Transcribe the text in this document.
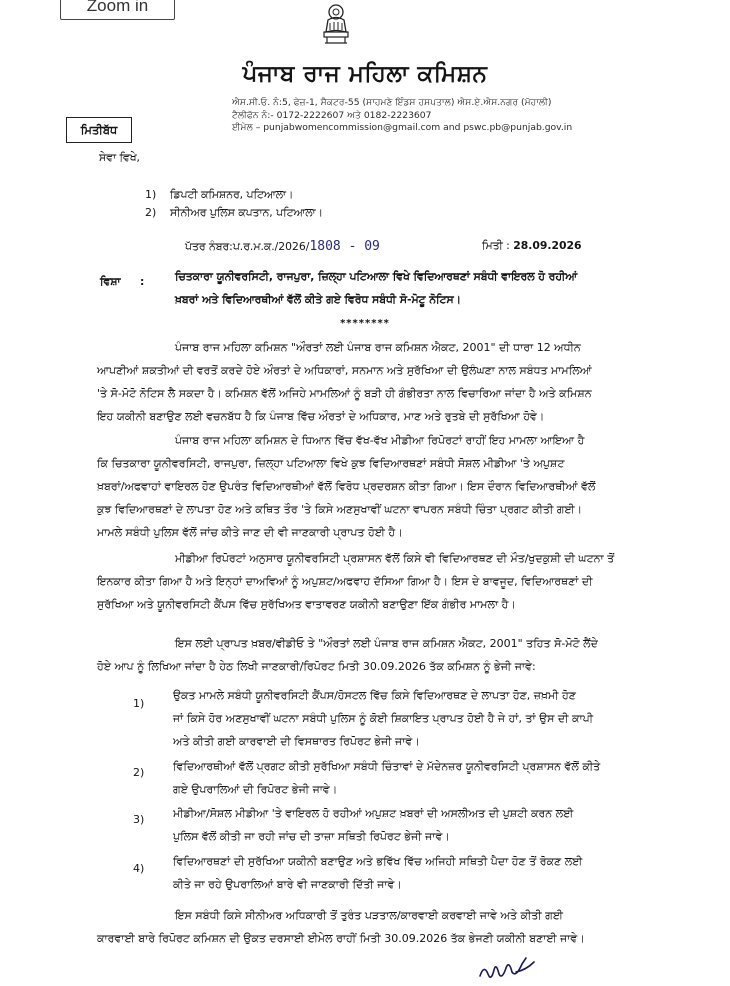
Zoom in
ਪੰਜਾਬ ਰਾਜ ਮਹਿਲਾ ਕਮਿਸ਼ਨ
ਐਸ.ਸੀ.ਓ. ਨੰ:5, ਫੇਜ਼-1, ਸੈਕਟਰ-55 (ਸਾਹਮਣੇ ਇੰਡਸ ਹਸਪਤਾਲ) ਐਸ.ਏ.ਐਸ.ਨਗਰ (ਮੋਹਾਲੀ)
ਟੈਲੀਫੋਨ ਨੰ:- 0172-2222607 ਅਤੇ 0182-2223607
ਈਮੇਲ – punjabwomencommission@gmail.com and pswc.pb@punjab.gov.in
ਮਿਤੀਬੱਧ
ਸੇਵਾ ਵਿਖੇ,
1) ਡਿਪਟੀ ਕਮਿਸ਼ਨਰ, ਪਟਿਆਲਾ।
2) ਸੀਨੀਅਰ ਪੁਲਿਸ ਕਪਤਾਨ, ਪਟਿਆਲਾ।
ਪੱਤਰ ਨੰਬਰ:ਪ.ਰ.ਮ.ਕ./2026/1808 - 09	ਮਿਤੀ : 28.09.2026
ਵਿਸ਼ਾ :	ਚਿਤਕਾਰਾ ਯੂਨੀਵਰਸਿਟੀ, ਰਾਜਪੁਰਾ, ਜ਼ਿਲ੍ਹਾ ਪਟਿਆਲਾ ਵਿਖੇ ਵਿਦਿਆਰਥਣਾਂ ਸਬੰਧੀ ਵਾਇਰਲ ਹੋ ਰਹੀਆਂ
ਖ਼ਬਰਾਂ ਅਤੇ ਵਿਦਿਆਰਥੀਆਂ ਵੱਲੋਂ ਕੀਤੇ ਗਏ ਵਿਰੋਧ ਸਬੰਧੀ ਸੋ-ਮੋਟੂ ਨੋਟਿਸ।
********
ਪੰਜਾਬ ਰਾਜ ਮਹਿਲਾ ਕਮਿਸ਼ਨ "ਔਰਤਾਂ ਲਈ ਪੰਜਾਬ ਰਾਜ ਕਮਿਸ਼ਨ ਐਕਟ, 2001" ਦੀ ਧਾਰਾ 12 ਅਧੀਨ
ਆਪਣੀਆਂ ਸ਼ਕਤੀਆਂ ਦੀ ਵਰਤੋਂ ਕਰਦੇ ਹੋਏ ਔਰਤਾਂ ਦੇ ਅਧਿਕਾਰਾਂ, ਸਨਮਾਨ ਅਤੇ ਸੁਰੱਖਿਆ ਦੀ ਉਲੰਘਣਾ ਨਾਲ ਸਬੰਧਤ ਮਾਮਲਿਆਂ
'ਤੇ ਸੋ-ਮੋਟੋ ਨੋਟਿਸ ਲੈ ਸਕਦਾ ਹੈ। ਕਮਿਸ਼ਨ ਵੱਲੋਂ ਅਜਿਹੇ ਮਾਮਲਿਆਂ ਨੂੰ ਬੜੀ ਹੀ ਗੰਭੀਰਤਾ ਨਾਲ ਵਿਚਾਰਿਆ ਜਾਂਦਾ ਹੈ ਅਤੇ ਕਮਿਸ਼ਨ
ਇਹ ਯਕੀਨੀ ਬਣਾਉਣ ਲਈ ਵਚਨਬੱਧ ਹੈ ਕਿ ਪੰਜਾਬ ਵਿੱਚ ਔਰਤਾਂ ਦੇ ਅਧਿਕਾਰ, ਮਾਣ ਅਤੇ ਰੁਤਬੇ ਦੀ ਸੁਰੱਖਿਆ ਹੋਵੇ।
ਪੰਜਾਬ ਰਾਜ ਮਹਿਲਾ ਕਮਿਸ਼ਨ ਦੇ ਧਿਆਨ ਵਿੱਚ ਵੱਖ-ਵੱਖ ਮੀਡੀਆ ਰਿਪੋਰਟਾਂ ਰਾਹੀਂ ਇਹ ਮਾਮਲਾ ਆਇਆ ਹੈ
ਕਿ ਚਿਤਕਾਰਾ ਯੂਨੀਵਰਸਿਟੀ, ਰਾਜਪੁਰਾ, ਜ਼ਿਲ੍ਹਾ ਪਟਿਆਲਾ ਵਿਖੇ ਕੁਝ ਵਿਦਿਆਰਥਣਾਂ ਸਬੰਧੀ ਸੋਸ਼ਲ ਮੀਡੀਆ 'ਤੇ ਅਪੁਸ਼ਟ
ਖ਼ਬਰਾਂ/ਅਫਵਾਹਾਂ ਵਾਇਰਲ ਹੋਣ ਉਪਰੰਤ ਵਿਦਿਆਰਥੀਆਂ ਵੱਲੋਂ ਵਿਰੋਧ ਪ੍ਰਦਰਸ਼ਨ ਕੀਤਾ ਗਿਆ। ਇਸ ਦੌਰਾਨ ਵਿਦਿਆਰਥੀਆਂ ਵੱਲੋਂ
ਕੁਝ ਵਿਦਿਆਰਥਣਾਂ ਦੇ ਲਾਪਤਾ ਹੋਣ ਅਤੇ ਕਥਿਤ ਤੌਰ 'ਤੇ ਕਿਸੇ ਅਣਸੁਖਾਵੀਂ ਘਟਨਾ ਵਾਪਰਨ ਸਬੰਧੀ ਚਿੰਤਾ ਪ੍ਰਗਟ ਕੀਤੀ ਗਈ।
ਮਾਮਲੇ ਸਬੰਧੀ ਪੁਲਿਸ ਵੱਲੋਂ ਜਾਂਚ ਕੀਤੇ ਜਾਣ ਦੀ ਵੀ ਜਾਣਕਾਰੀ ਪ੍ਰਾਪਤ ਹੋਈ ਹੈ।
ਮੀਡੀਆ ਰਿਪੋਰਟਾਂ ਅਨੁਸਾਰ ਯੂਨੀਵਰਸਿਟੀ ਪ੍ਰਸ਼ਾਸਨ ਵੱਲੋਂ ਕਿਸੇ ਵੀ ਵਿਦਿਆਰਥਣ ਦੀ ਮੌਤ/ਖੁਦਕੁਸ਼ੀ ਦੀ ਘਟਨਾ ਤੋਂ
ਇਨਕਾਰ ਕੀਤਾ ਗਿਆ ਹੈ ਅਤੇ ਇਨ੍ਹਾਂ ਦਾਅਵਿਆਂ ਨੂੰ ਅਪੁਸ਼ਟ/ਅਫਵਾਹ ਦੱਸਿਆ ਗਿਆ ਹੈ। ਇਸ ਦੇ ਬਾਵਜੂਦ, ਵਿਦਿਆਰਥਣਾਂ ਦੀ
ਸੁਰੱਖਿਆ ਅਤੇ ਯੂਨੀਵਰਸਿਟੀ ਕੈਂਪਸ ਵਿੱਚ ਸੁਰੱਖਿਅਤ ਵਾਤਾਵਰਣ ਯਕੀਨੀ ਬਣਾਉਣਾ ਇੱਕ ਗੰਭੀਰ ਮਾਮਲਾ ਹੈ।
ਇਸ ਲਈ ਪ੍ਰਾਪਤ ਖ਼ਬਰ/ਵੀਡੀਓ ਤੇ "ਔਰਤਾਂ ਲਈ ਪੰਜਾਬ ਰਾਜ ਕਮਿਸ਼ਨ ਐਕਟ, 2001" ਤਹਿਤ ਸੋ-ਮੋਟੋ ਲੈਂਦੇ
ਹੋਏ ਆਪ ਨੂੰ ਲਿਖਿਆ ਜਾਂਦਾ ਹੈ ਹੇਠ ਲਿਖੀ ਜਾਣਕਾਰੀ/ਰਿਪੋਰਟ ਮਿਤੀ 30.09.2026 ਤੱਕ ਕਮਿਸ਼ਨ ਨੂੰ ਭੇਜੀ ਜਾਵੇ:
1)
ਉਕਤ ਮਾਮਲੇ ਸਬੰਧੀ ਯੂਨੀਵਰਸਿਟੀ ਕੈਂਪਸ/ਹੋਸਟਲ ਵਿੱਚ ਕਿਸੇ ਵਿਦਿਆਰਥਣ ਦੇ ਲਾਪਤਾ ਹੋਣ, ਜ਼ਖ਼ਮੀ ਹੋਣ
ਜਾਂ ਕਿਸੇ ਹੋਰ ਅਣਸੁਖਾਵੀਂ ਘਟਨਾ ਸਬੰਧੀ ਪੁਲਿਸ ਨੂੰ ਕੋਈ ਸ਼ਿਕਾਇਤ ਪ੍ਰਾਪਤ ਹੋਈ ਹੈ ਜੇ ਹਾਂ, ਤਾਂ ਉਸ ਦੀ ਕਾਪੀ
ਅਤੇ ਕੀਤੀ ਗਈ ਕਾਰਵਾਈ ਦੀ ਵਿਸਥਾਰਤ ਰਿਪੋਰਟ ਭੇਜੀ ਜਾਵੇ।
2)	ਵਿਦਿਆਰਥੀਆਂ ਵੱਲੋਂ ਪ੍ਰਗਟ ਕੀਤੀ ਸੁਰੱਖਿਆ ਸਬੰਧੀ ਚਿੰਤਾਵਾਂ ਦੇ ਮੱਦੇਨਜ਼ਰ ਯੂਨੀਵਰਸਿਟੀ ਪ੍ਰਸ਼ਾਸਨ ਵੱਲੋਂ ਕੀਤੇ
ਗਏ ਉਪਰਾਲਿਆਂ ਦੀ ਰਿਪੋਰਟ ਭੇਜੀ ਜਾਵੇ।
3)	ਮੀਡੀਆ/ਸੋਸ਼ਲ ਮੀਡੀਆ 'ਤੇ ਵਾਇਰਲ ਹੋ ਰਹੀਆਂ ਅਪੁਸ਼ਟ ਖ਼ਬਰਾਂ ਦੀ ਅਸਲੀਅਤ ਦੀ ਪੁਸ਼ਟੀ ਕਰਨ ਲਈ
ਪੁਲਿਸ ਵੱਲੋਂ ਕੀਤੀ ਜਾ ਰਹੀ ਜਾਂਚ ਦੀ ਤਾਜ਼ਾ ਸਥਿਤੀ ਰਿਪੋਰਟ ਭੇਜੀ ਜਾਵੇ।
4)
ਵਿਦਿਆਰਥਣਾਂ ਦੀ ਸੁਰੱਖਿਆ ਯਕੀਨੀ ਬਣਾਉਣ ਅਤੇ ਭਵਿੱਖ ਵਿੱਚ ਅਜਿਹੀ ਸਥਿਤੀ ਪੈਦਾ ਹੋਣ ਤੋਂ ਰੋਕਣ ਲਈ
ਕੀਤੇ ਜਾ ਰਹੇ ਉਪਰਾਲਿਆਂ ਬਾਰੇ ਵੀ ਜਾਣਕਾਰੀ ਦਿੱਤੀ ਜਾਵੇ।
ਇਸ ਸਬੰਧੀ ਕਿਸੇ ਸੀਨੀਅਰ ਅਧਿਕਾਰੀ ਤੋਂ ਤੁਰੰਤ ਪੜਤਾਲ/ਕਾਰਵਾਈ ਕਰਵਾਈ ਜਾਵੇ ਅਤੇ ਕੀਤੀ ਗਈ
ਕਾਰਵਾਈ ਬਾਰੇ ਰਿਪੋਰਟ ਕਮਿਸ਼ਨ ਦੀ ਉਕਤ ਦਰਸਾਈ ਈਮੇਲ ਰਾਹੀਂ ਮਿਤੀ 30.09.2026 ਤੱਕ ਭੇਜਣੀ ਯਕੀਨੀ ਬਣਾਈ ਜਾਵੇ।
